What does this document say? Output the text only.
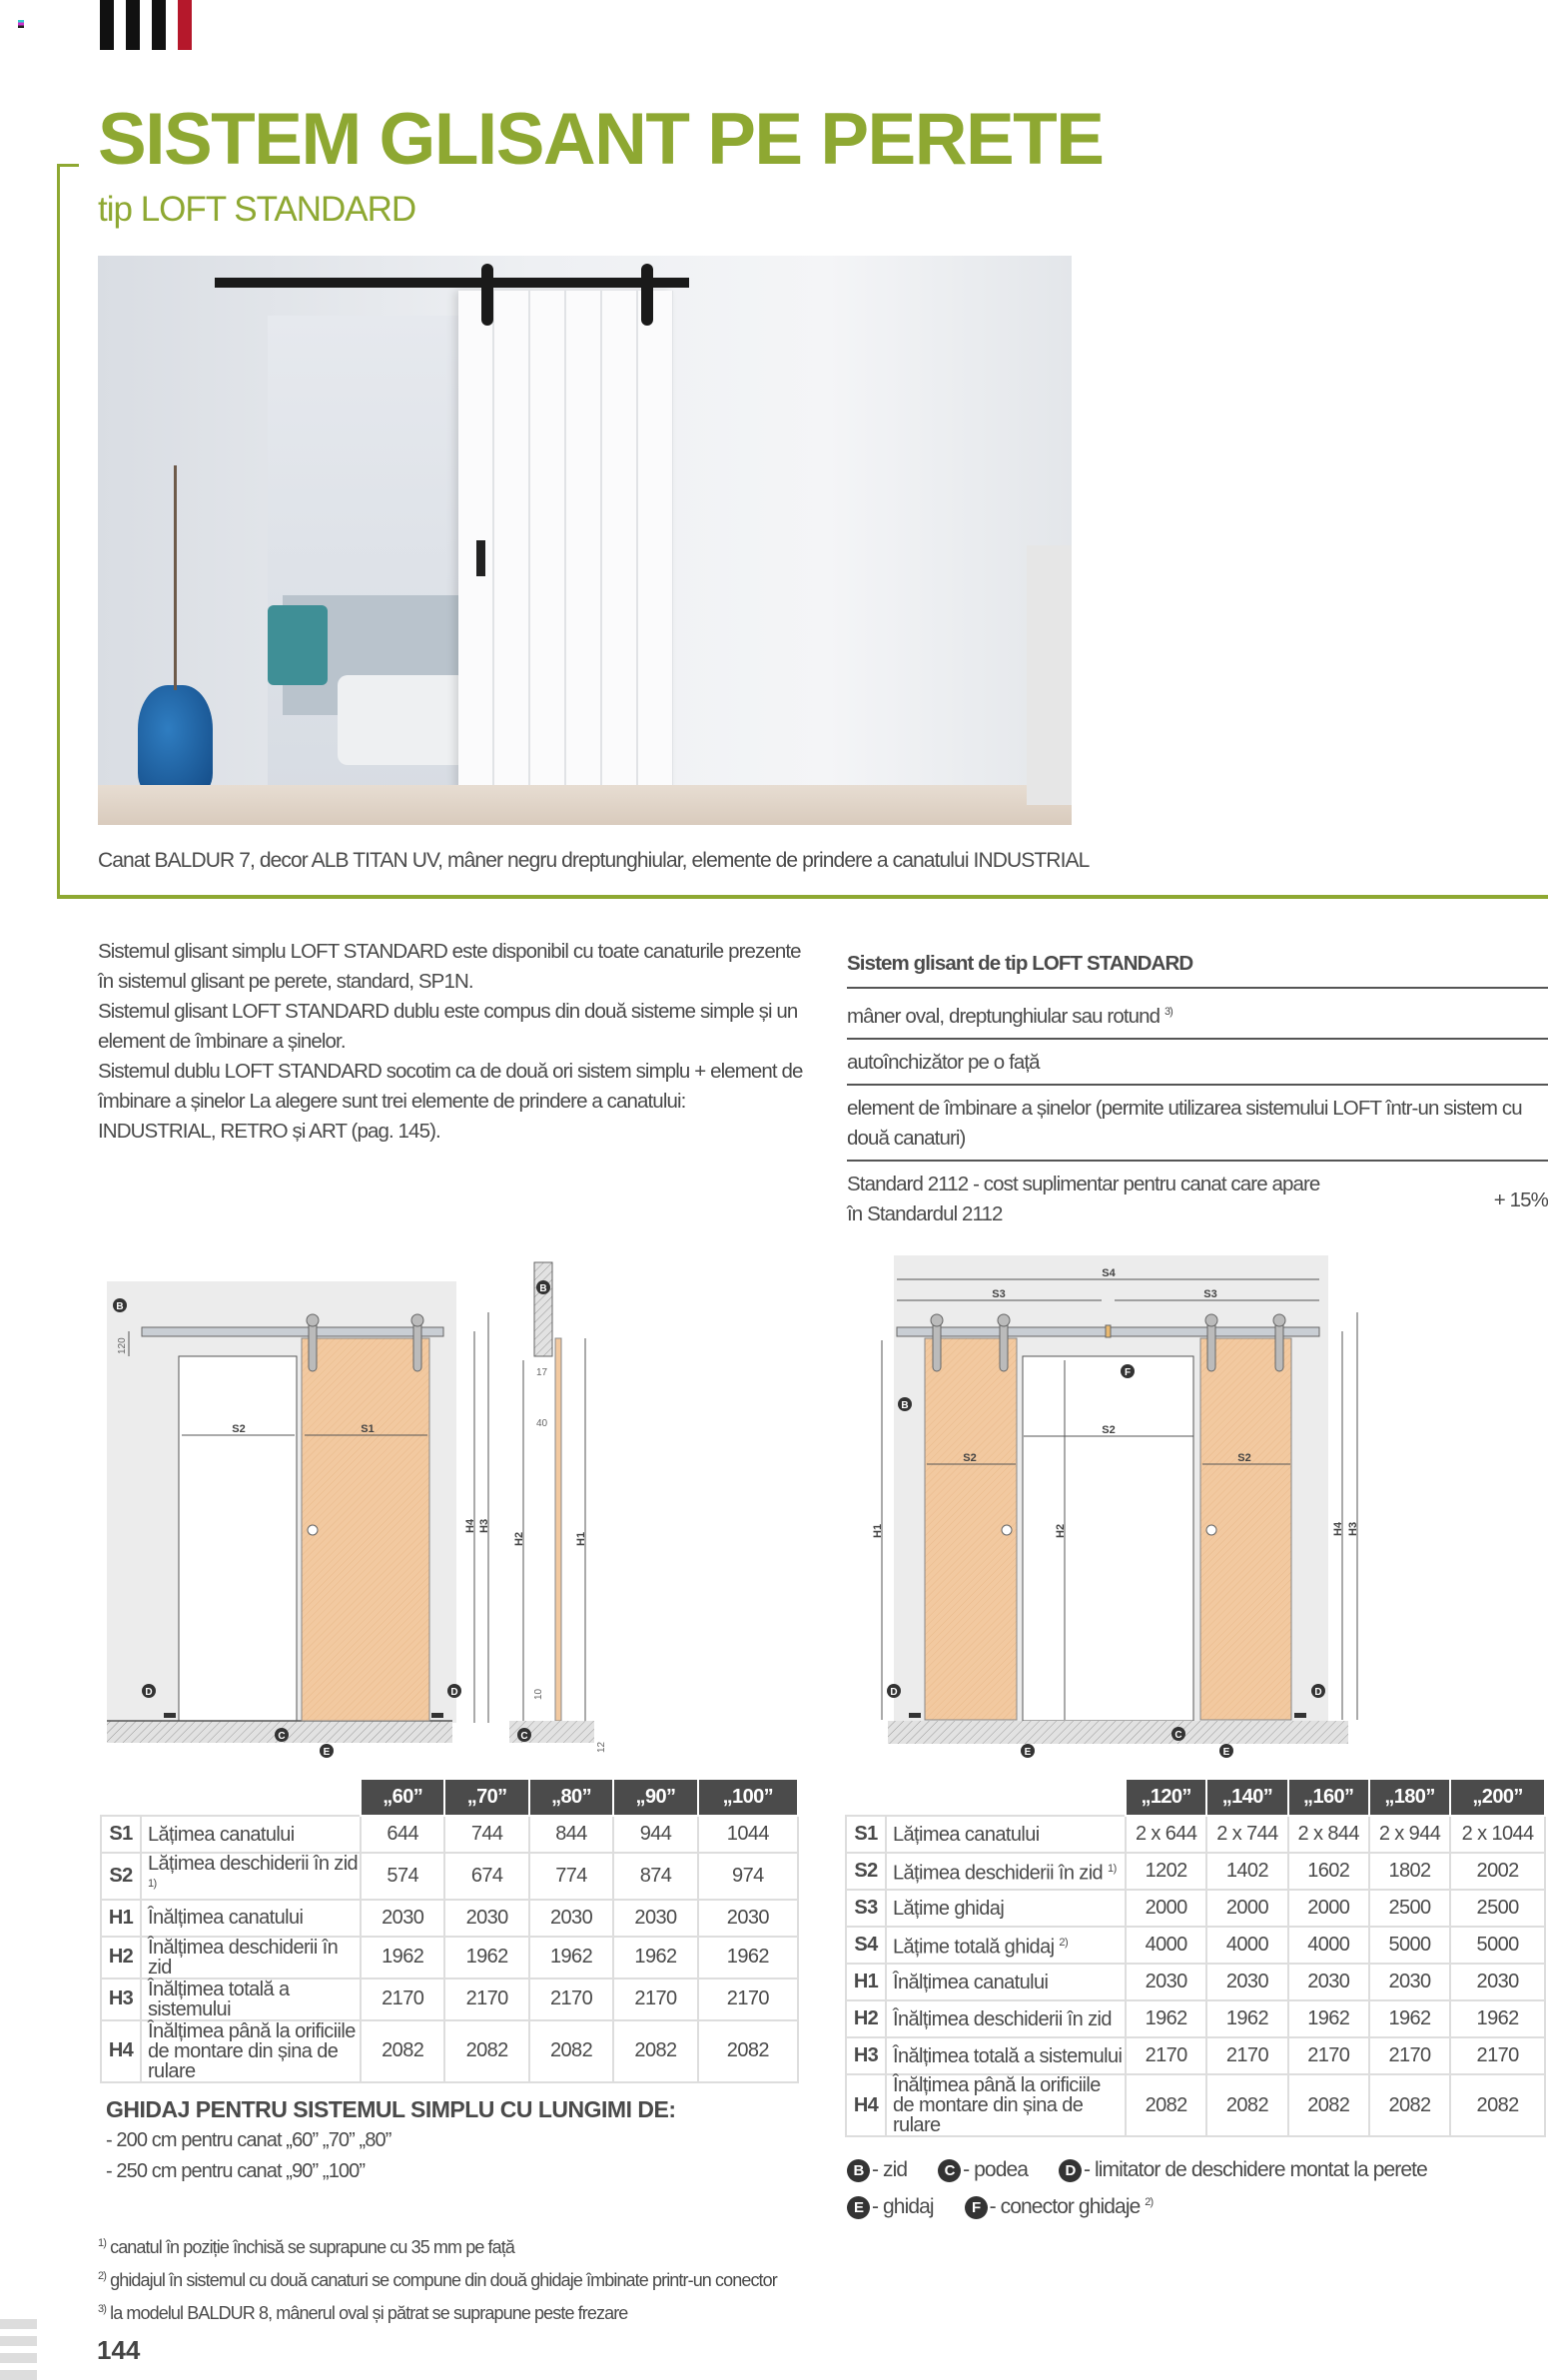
SISTEM GLISANT PE PERETE
tip LOFT STANDARD
Canat BALDUR 7, decor ALB TITAN UV, mâner negru dreptunghiular, elemente de prindere a canatului INDUSTRIAL

Sistemul glisant simplu LOFT STANDARD este disponibil cu toate canaturile prezente în sistemul glisant pe perete, standard, SP1N.

Sistemul glisant LOFT STANDARD dublu este compus din două sisteme simple și un element de îmbinare a șinelor.

Sistemul dublu LOFT STANDARD socotim ca de două ori sistem simplu + element de îmbinare a șinelor La alegere sunt trei elemente de prindere a canatului: INDUSTRIAL, RETRO și ART (pag. 145).

Sistem glisant de tip LOFT STANDARD
mâner oval, dreptunghiular sau rotund $^{3)}$
autoînchizător pe o față
element de îmbinare a șinelor (permite utilizarea sistemului LOFT într-un sistem cu două canaturi)
Standard 2112 - cost suplimentar pentru canat care apare în Standardul 2112
+ 15%
S2	S1
H4 H3
120
H2	H1
17
40
10
12
B
D	D
C
E
B
C
S4
S3	S3
S2
S2	S2
H1	H2	H4 H3
F
B
D	D
C
E	E
		„60”	„70”	„80”	„90”	„100”
S1	Lățimea canatului	644	744	844	944	1044
S2	Lățimea deschiderii în zid $^{1)}$	574	674	774	874	974
H1	Înălțimea canatului	2030	2030	2030	2030	2030
H2	Înălțimea deschiderii în zid	1962	1962	1962	1962	1962
H3	Înălțimea totală a sistemului	2170	2170	2170	2170	2170
H4	Înălțimea până la orificiile de montare din șina de rulare	2082	2082	2082	2082	2082
		„120”	„140”	„160”	„180”	„200”
S1	Lățimea canatului	2 x 644	2 x 744	2 x 844	2 x 944	2 x 1044
S2	Lățimea deschiderii în zid $^{1)}$	1202	1402	1602	1802	2002
S3	Lățime ghidaj	2000	2000	2000	2500	2500
S4	Lățime totală ghidaj $^{2)}$	4000	4000	4000	5000	5000
H1	Înălțimea canatului	2030	2030	2030	2030	2030
H2	Înălțimea deschiderii în zid	1962	1962	1962	1962	1962
H3	Înălțimea totală a sistemului	2170	2170	2170	2170	2170
H4	Înălțimea până la orificiile de montare din șina de rulare	2082	2082	2082	2082	2082
GHIDAJ PENTRU SISTEMUL SIMPLU CU LUNGIMI DE:
- 200 cm pentru canat „60” „70” „80”
- 250 cm pentru canat „90” „100”	B - zid C - podea D - limitator de deschidere montat la perete
E - ghidaj	F - conector ghidaje $^{2)}$
$^{1)}$ canatul în poziție închisă se suprapune cu 35 mm pe față
$^{2)}$ ghidajul în sistemul cu două canaturi se compune din două ghidaje îmbinate printr-un conector
$^{3)}$ la modelul BALDUR 8, mânerul oval și pătrat se suprapune peste frezare
144
